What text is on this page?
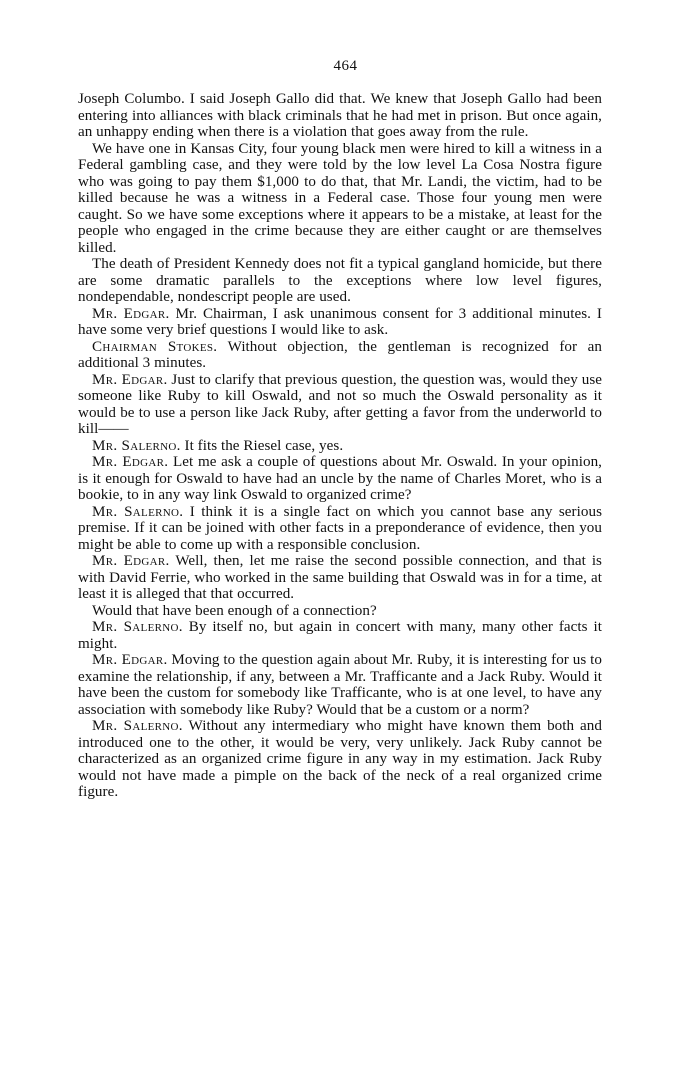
464

Joseph Columbo. I said Joseph Gallo did that. We knew that Joseph Gallo had been entering into alliances with black criminals that he had met in prison. But once again, an unhappy ending when there is a violation that goes away from the rule.

We have one in Kansas City, four young black men were hired to kill a witness in a Federal gambling case, and they were told by the low level La Cosa Nostra figure who was going to pay them $1,000 to do that, that Mr. Landi, the victim, had to be killed because he was a witness in a Federal case. Those four young men were caught. So we have some exceptions where it appears to be a mistake, at least for the people who engaged in the crime because they are either caught or are themselves killed.

The death of President Kennedy does not fit a typical gangland homicide, but there are some dramatic parallels to the exceptions where low level figures, nondependable, nondescript people are used.

Mr. Edgar. Mr. Chairman, I ask unanimous consent for 3 additional minutes. I have some very brief questions I would like to ask.

Chairman Stokes. Without objection, the gentleman is recognized for an additional 3 minutes.

Mr. Edgar. Just to clarify that previous question, the question was, would they use someone like Ruby to kill Oswald, and not so much the Oswald personality as it would be to use a person like Jack Ruby, after getting a favor from the underworld to kill——

Mr. Salerno. It fits the Riesel case, yes.

Mr. Edgar. Let me ask a couple of questions about Mr. Oswald. In your opinion, is it enough for Oswald to have had an uncle by the name of Charles Moret, who is a bookie, to in any way link Oswald to organized crime?

Mr. Salerno. I think it is a single fact on which you cannot base any serious premise. If it can be joined with other facts in a preponderance of evidence, then you might be able to come up with a responsible conclusion.

Mr. Edgar. Well, then, let me raise the second possible connection, and that is with David Ferrie, who worked in the same building that Oswald was in for a time, at least it is alleged that that occurred.

Would that have been enough of a connection?

Mr. Salerno. By itself no, but again in concert with many, many other facts it might.

Mr. Edgar. Moving to the question again about Mr. Ruby, it is interesting for us to examine the relationship, if any, between a Mr. Trafficante and a Jack Ruby. Would it have been the custom for somebody like Trafficante, who is at one level, to have any association with somebody like Ruby? Would that be a custom or a norm?

Mr. Salerno. Without any intermediary who might have known them both and introduced one to the other, it would be very, very unlikely. Jack Ruby cannot be characterized as an organized crime figure in any way in my estimation. Jack Ruby would not have made a pimple on the back of the neck of a real organized crime figure.
